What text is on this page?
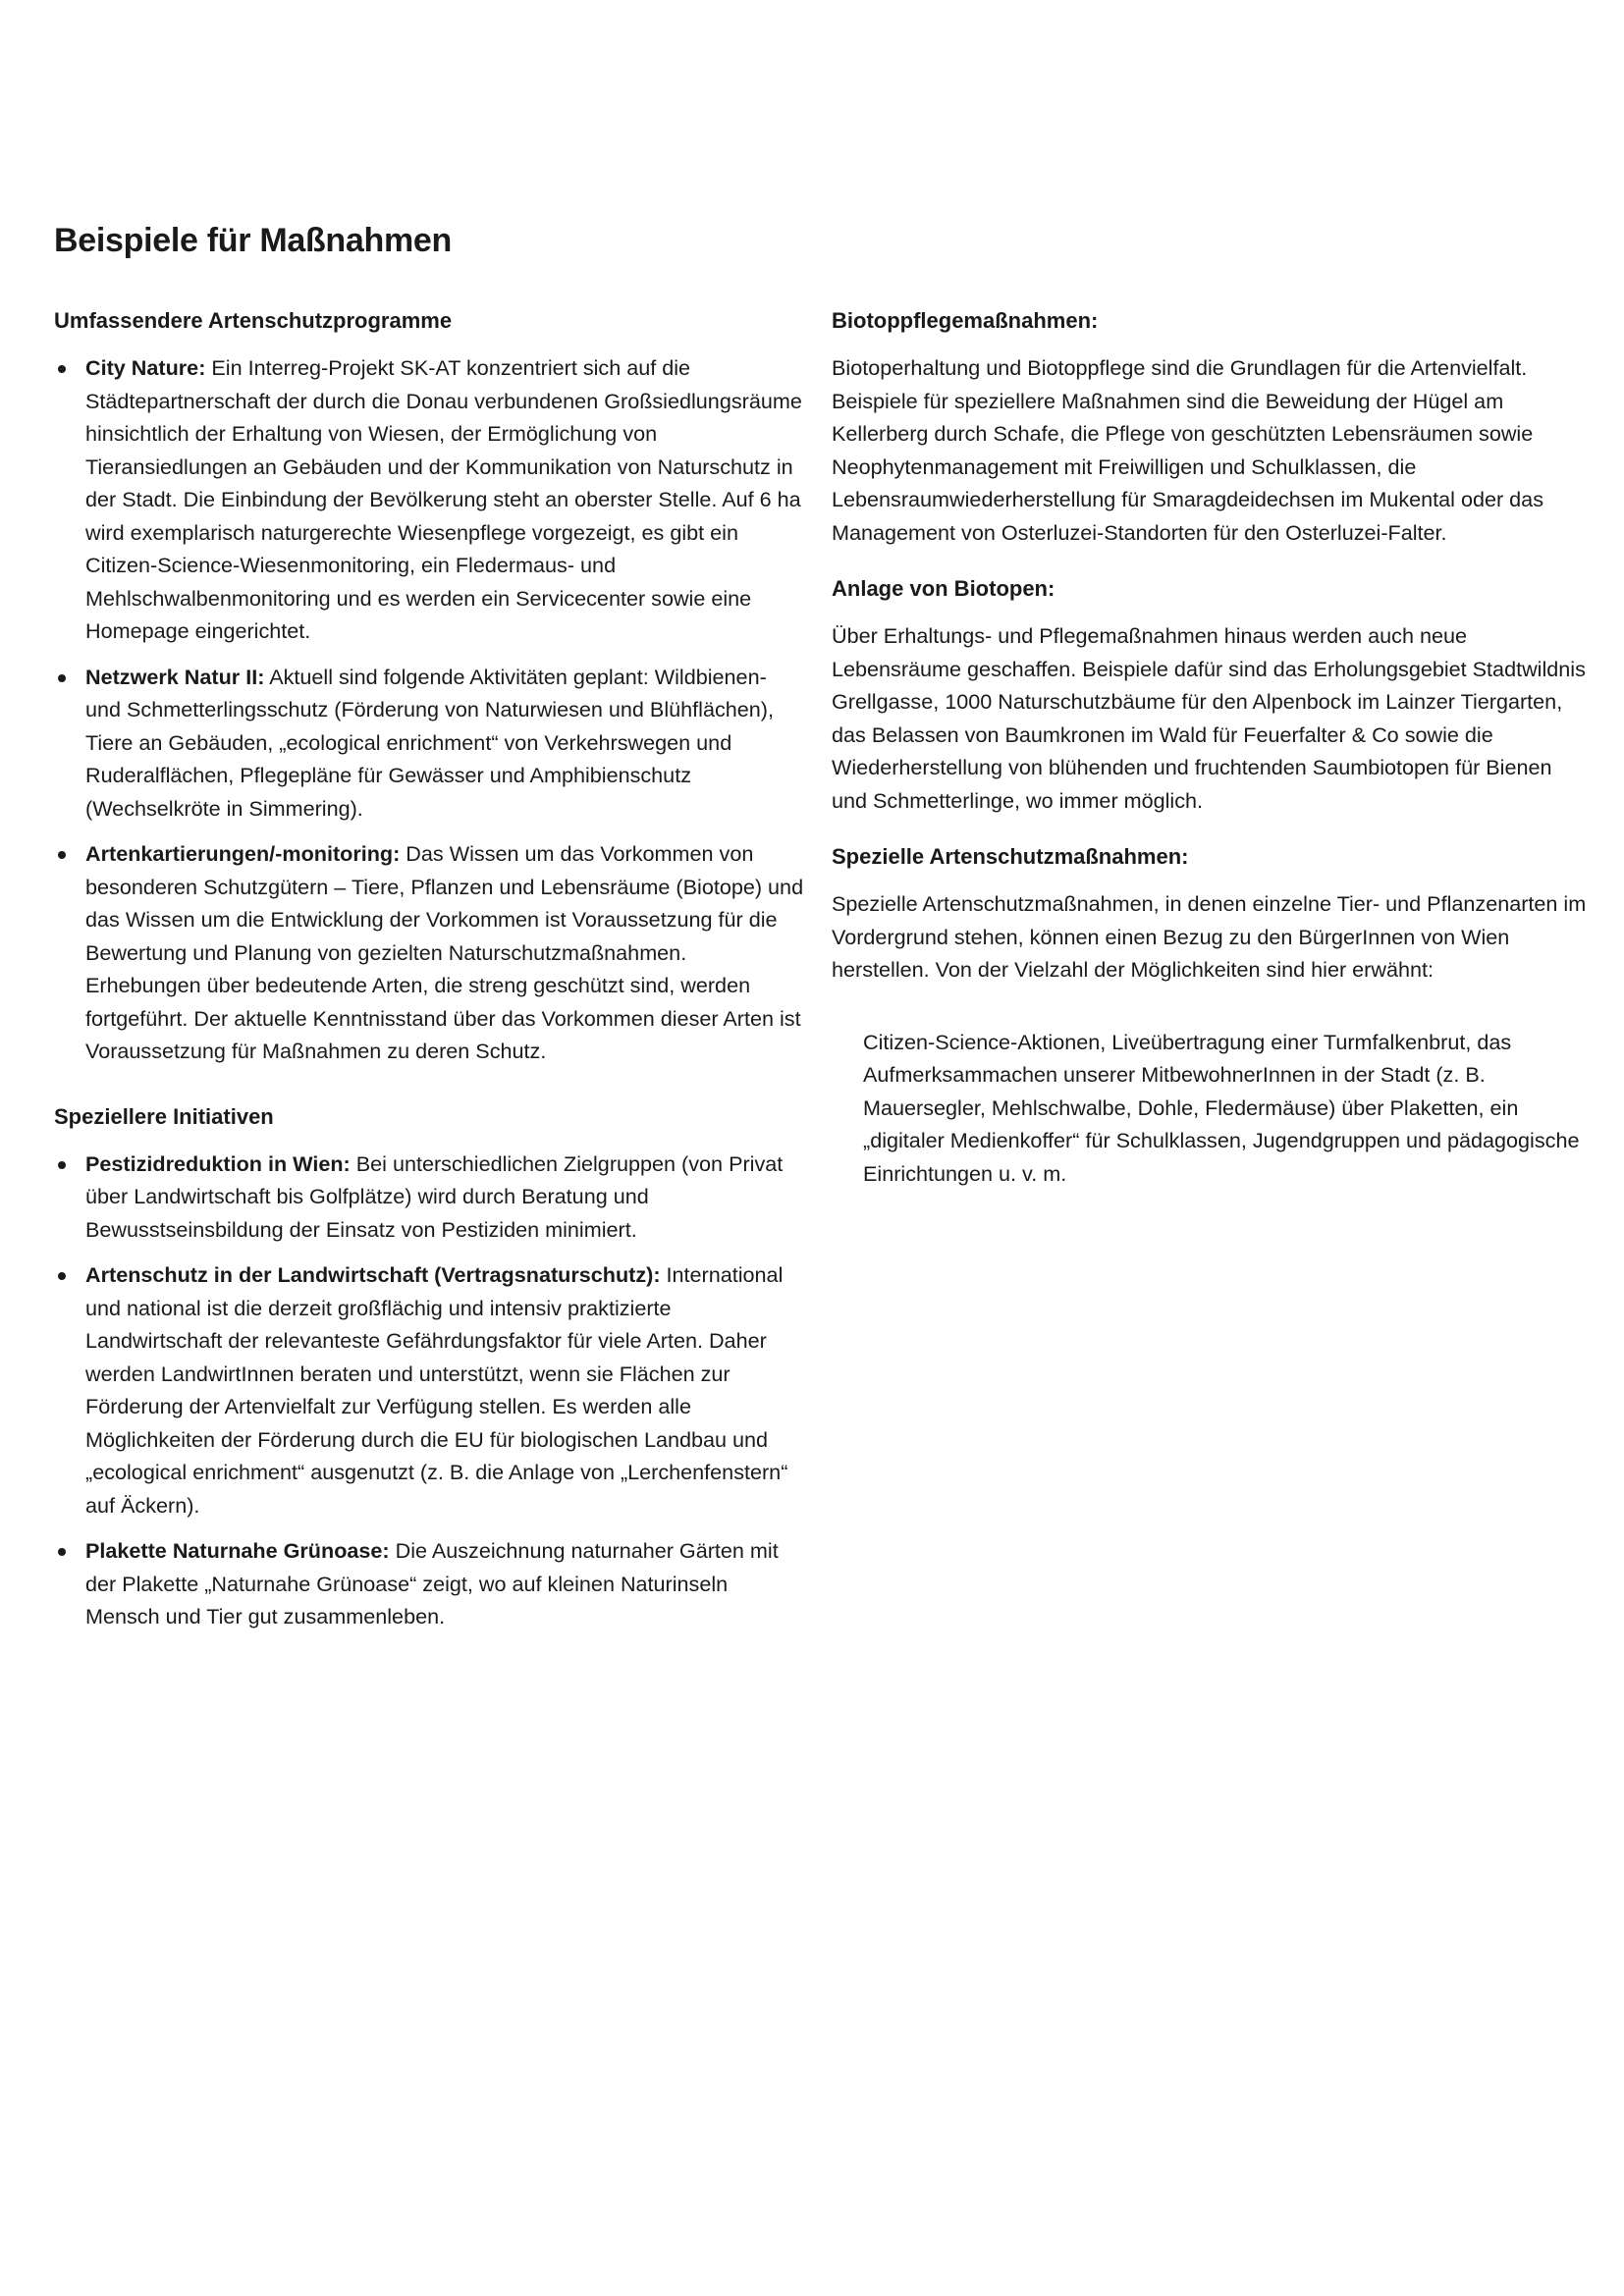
Beispiele für Maßnahmen
Umfassendere Artenschutzprogramme
City Nature: Ein Interreg-Projekt SK-AT konzentriert sich auf die Städtepartnerschaft der durch die Donau verbundenen Großsiedlungsräume hinsichtlich der Erhaltung von Wiesen, der Ermöglichung von Tieransiedlungen an Gebäuden und der Kommunikation von Naturschutz in der Stadt. Die Einbindung der Bevölkerung steht an oberster Stelle. Auf 6 ha wird exemplarisch naturgerechte Wiesenpflege vorgezeigt, es gibt ein Citizen-Science-Wiesenmonitoring, ein Fledermaus- und Mehlschwalbenmonitoring und es werden ein Servicecenter sowie eine Homepage eingerichtet.
Netzwerk Natur II: Aktuell sind folgende Aktivitäten geplant: Wildbienen- und Schmetterlingsschutz (Förderung von Naturwiesen und Blühflächen), Tiere an Gebäuden, „ecological enrichment“ von Verkehrswegen und Ruderalflächen, Pflegepläne für Gewässer und Amphibienschutz (Wechselkröte in Simmering).
Artenkartierungen/-monitoring: Das Wissen um das Vorkommen von besonderen Schutzgütern – Tiere, Pflanzen und Lebensräume (Biotope) und das Wissen um die Entwicklung der Vorkommen ist Voraussetzung für die Bewertung und Planung von gezielten Naturschutzmaßnahmen. Erhebungen über bedeutende Arten, die streng geschützt sind, werden fortgeführt. Der aktuelle Kenntnisstand über das Vorkommen dieser Arten ist Voraussetzung für Maßnahmen zu deren Schutz.
Speziellere Initiativen
Pestizidreduktion in Wien: Bei unterschiedlichen Zielgruppen (von Privat über Landwirtschaft bis Golfplätze) wird durch Beratung und Bewusstseinsbildung der Einsatz von Pestiziden minimiert.
Artenschutz in der Landwirtschaft (Vertragsnaturschutz): International und national ist die derzeit großflächig und intensiv praktizierte Landwirtschaft der relevanteste Gefährdungsfaktor für viele Arten. Daher werden LandwirtInnen beraten und unterstützt, wenn sie Flächen zur Förderung der Artenvielfalt zur Verfügung stellen. Es werden alle Möglichkeiten der Förderung durch die EU für biologischen Landbau und „ecological enrichment“ ausgenutzt (z. B. die Anlage von „Lerchenfenstern“ auf Äckern).
Plakette Naturnahe Grünoase: Die Auszeichnung naturnaher Gärten mit der Plakette „Naturnahe Grünoase“ zeigt, wo auf kleinen Naturinseln Mensch und Tier gut zusammenleben.
Biotoppflegemaßnahmen:

Biotoperhaltung und Biotoppflege sind die Grundlagen für die Artenvielfalt. Beispiele für speziellere Maßnahmen sind die Beweidung der Hügel am Kellerberg durch Schafe, die Pflege von geschützten Lebensräumen sowie Neophytenmanagement mit Freiwilligen und Schulklassen, die Lebensraumwiederherstellung für Smaragdeidechsen im Mukental oder das Management von Osterluzei-Standorten für den Osterluzei-Falter.

Anlage von Biotopen:

Über Erhaltungs- und Pflegemaßnahmen hinaus werden auch neue Lebensräume geschaffen. Beispiele dafür sind das Erholungsgebiet Stadtwildnis Grellgasse, 1000 Naturschutzbäume für den Alpenbock im Lainzer Tiergarten, das Belassen von Baumkronen im Wald für Feuerfalter & Co sowie die Wiederherstellung von blühenden und fruchtenden Saumbiotopen für Bienen und Schmetterlinge, wo immer möglich.

Spezielle Artenschutzmaßnahmen:

Spezielle Artenschutzmaßnahmen, in denen einzelne Tier- und Pflanzenarten im Vordergrund stehen, können einen Bezug zu den BürgerInnen von Wien herstellen. Von der Vielzahl der Möglichkeiten sind hier erwähnt:

Citizen-Science-Aktionen, Liveübertragung einer Turmfalkenbrut, das Aufmerksammachen unserer MitbewohnerInnen in der Stadt (z. B. Mauersegler, Mehlschwalbe, Dohle, Fledermäuse) über Plaketten, ein „digitaler Medienkoffer“ für Schulklassen, Jugendgruppen und pädagogische Einrichtungen u. v. m.
